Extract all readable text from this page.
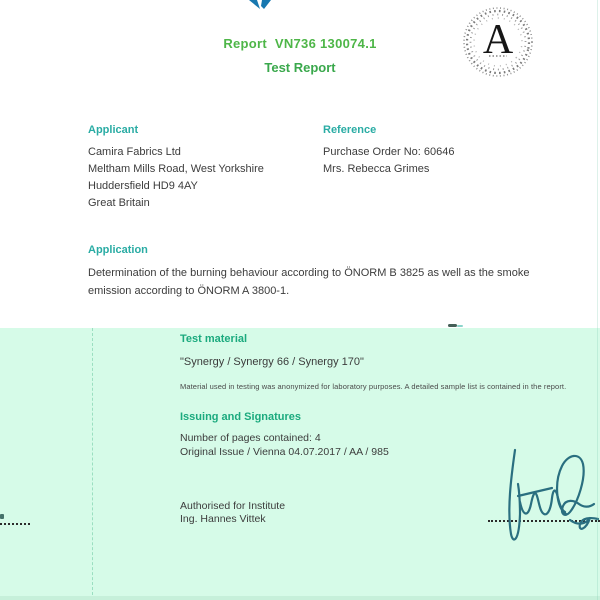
Report  VN736 130074.1
Test Report
A
Applicant
Camira Fabrics Ltd
Meltham Mills Road, West Yorkshire
Huddersfield HD9 4AY
Great Britain
Reference
Purchase Order No: 60646
Mrs. Rebecca Grimes
Application
Determination of the burning behaviour according to ÖNORM B 3825 as well as the smoke emission according to ÖNORM A 3800-1.
Test material
"Synergy / Synergy 66 / Synergy 170"
Material used in testing was anonymized for laboratory purposes. A detailed sample list is contained in the report.
Issuing and Signatures
Number of pages contained: 4
Original Issue / Vienna 04.07.2017 / AA / 985
Authorised for Institute
Ing. Hannes Vittek
